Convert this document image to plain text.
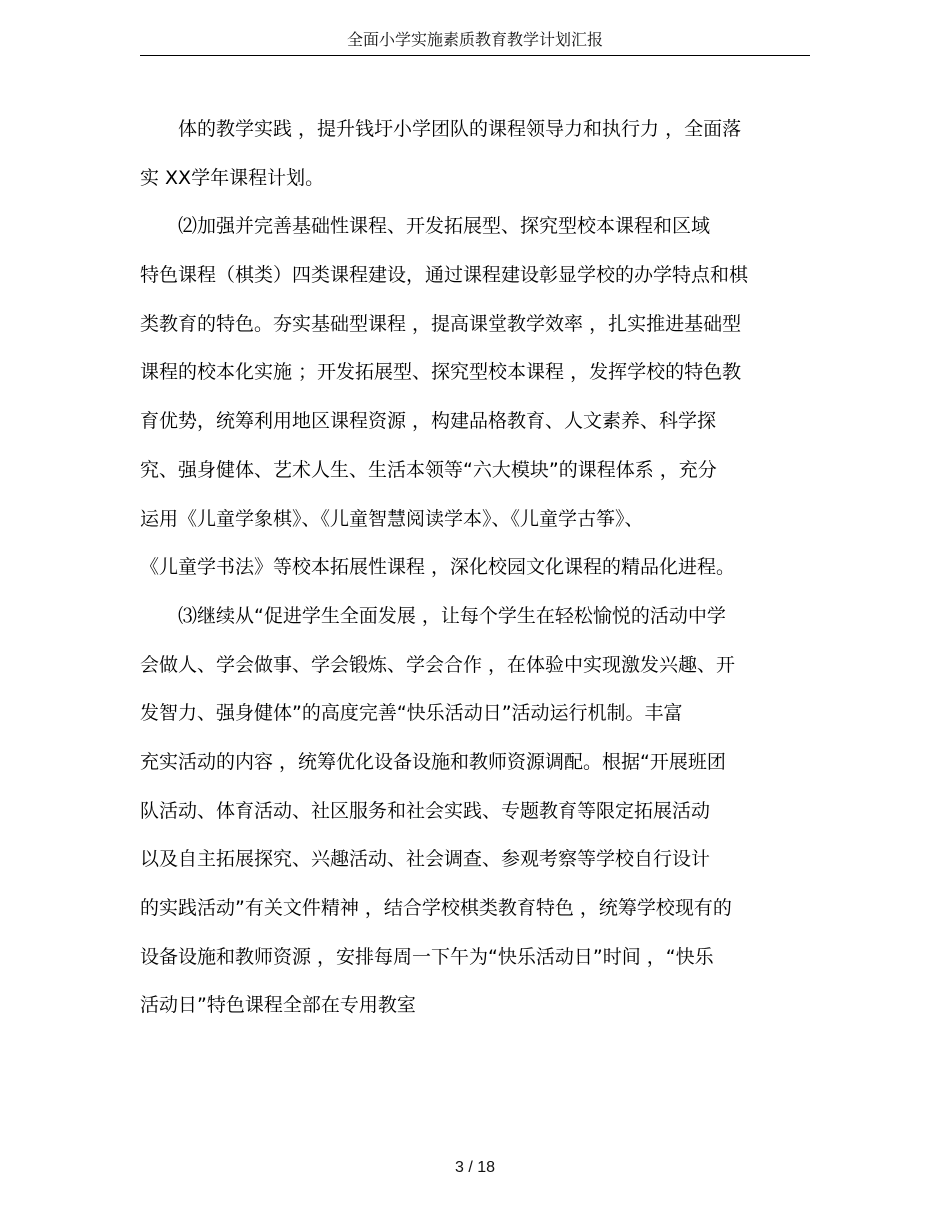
全面小学实施素质教育教学计划汇报
体的教学实践 ，提升钱圩小学团队的课程领导力和执行力 ，全面落
实 XX学年课程计划。
⑵加强并完善基础性课程、开发拓展型、探究型校本课程和区域
特色课程（棋类）四类课程建设，通过课程建设彰显学校的办学特点和棋
类教育的特色。夯实基础型课程 ，提高课堂教学效率 ，扎实推进基础型
课程的校本化实施 ；开发拓展型、探究型校本课程 ，发挥学校的特色教
育优势，统筹利用地区课程资源 ，构建品格教育、人文素养、科学探
究、强身健体、艺术人生、生活本领等“六大模块”的课程体系 ，充分
运用《儿童学象棋》、《儿童智慧阅读学本》、《儿童学古筝》、
《儿童学书法》等校本拓展性课程 ，深化校园文化课程的精品化进程。
⑶继续从“促进学生全面发展 ，让每个学生在轻松愉悦的活动中学
会做人、学会做事、学会锻炼、学会合作 ，在体验中实现激发兴趣、开
发智力、强身健体”的高度完善“快乐活动日”活动运行机制。丰富
充实活动的内容 ，统筹优化设备设施和教师资源调配。根据“开展班团
队活动、体育活动、社区服务和社会实践、专题教育等限定拓展活动
以及自主拓展探究、兴趣活动、社会调查、参观考察等学校自行设计
的实践活动”有关文件精神 ，结合学校棋类教育特色 ，统筹学校现有的
设备设施和教师资源 ，安排每周一下午为“快乐活动日”时间 ，“快乐
活动日”特色课程全部在专用教室
3 / 18
